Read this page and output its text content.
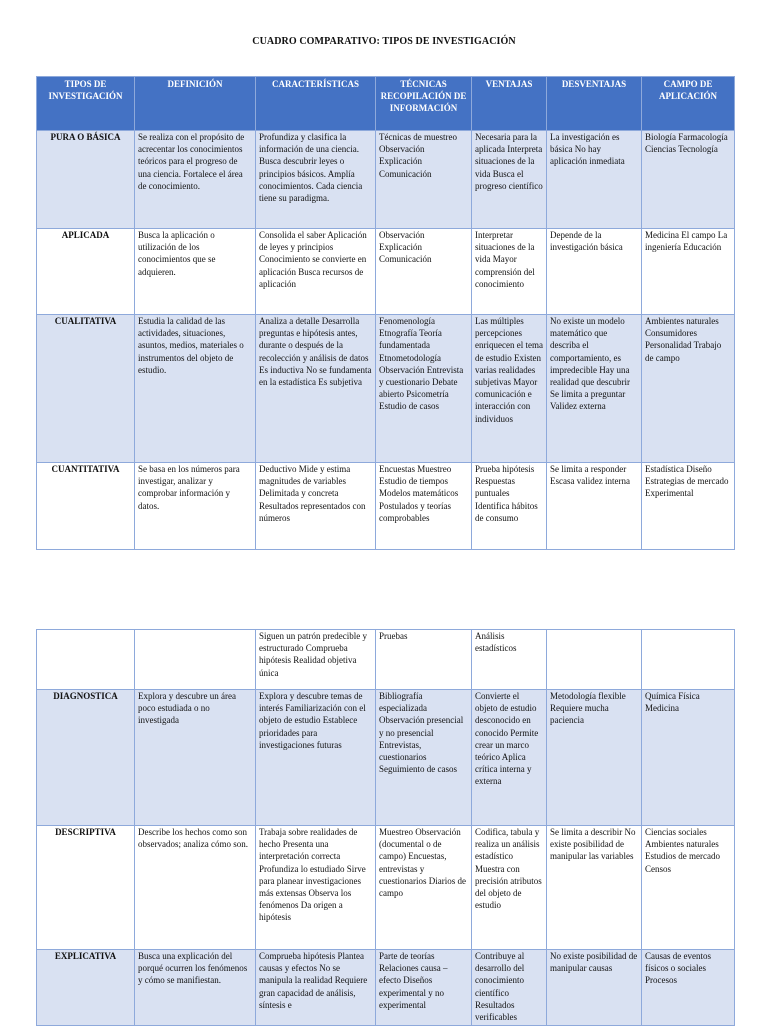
CUADRO COMPARATIVO: TIPOS DE INVESTIGACIÓN
TIPOS DE INVESTIGACIÓN	DEFINICIÓN	CARACTERÍSTICAS	TÉCNICAS RECOPILACIÓN DE INFORMACIÓN	VENTAJAS	DESVENTAJAS	CAMPO DE APLICACIÓN
PURA O BÁSICA	Se realiza con el propósito de acrecentar los conocimientos teóricos para el progreso de una ciencia. Fortalece el área de conocimiento.	Profundiza y clasifica la información de una ciencia. Busca descubrir leyes o principios básicos. Amplía conocimientos. Cada ciencia tiene su paradigma.	Técnicas de muestreo Observación Explicación Comunicación	Necesaria para la aplicada Interpreta situaciones de la vida Busca el progreso científico	La investigación es básica No hay aplicación inmediata	Biología Farmacología Ciencias Tecnología
APLICADA	Busca la aplicación o utilización de los conocimientos que se adquieren.	Consolida el saber Aplicación de leyes y principios Conocimiento se convierte en aplicación Busca recursos de aplicación	Observación Explicación Comunicación	Interpretar situaciones de la vida Mayor comprensión del conocimiento	Depende de la investigación básica	Medicina El campo La ingeniería Educación
CUALITATIVA	Estudia la calidad de las actividades, situaciones, asuntos, medios, materiales o instrumentos del objeto de estudio.	Analiza a detalle Desarrolla preguntas e hipótesis antes, durante o después de la recolección y análisis de datos Es inductiva No se fundamenta en la estadística Es subjetiva	Fenomenología Etnografía Teoría fundamentada Etnometodología Observación Entrevista y cuestionario Debate abierto Psicometría Estudio de casos	Las múltiples percepciones enriquecen el tema de estudio Existen varias realidades subjetivas Mayor comunicación e interacción con individuos	No existe un modelo matemático que describa el comportamiento, es impredecible Hay una realidad que descubrir Se limita a preguntar Validez externa	Ambientes naturales Consumidores Personalidad Trabajo de campo
CUANTITATIVA	Se basa en los números para investigar, analizar y comprobar información y datos.	Deductivo Mide y estima magnitudes de variables Delimitada y concreta Resultados representados con números	Encuestas Muestreo Estudio de tiempos Modelos matemáticos Postulados y teorías comprobables	Prueba hipótesis Respuestas puntuales Identifica hábitos de consumo	Se limita a responder Escasa validez interna	Estadística Diseño Estrategias de mercado Experimental
		Siguen un patrón predecible y estructurado Comprueba hipótesis Realidad objetiva única	Pruebas	Análisis estadísticos		
DIAGNOSTICA	Explora y descubre un área poco estudiada o no investigada	Explora y descubre temas de interés Familiarización con el objeto de estudio Establece prioridades para investigaciones futuras	Bibliografía especializada Observación presencial y no presencial Entrevistas, cuestionarios Seguimiento de casos	Convierte el objeto de estudio desconocido en conocido Permite crear un marco teórico Aplica crítica interna y externa	Metodología flexible Requiere mucha paciencia	Química Física Medicina
DESCRIPTIVA	Describe los hechos como son observados; analiza cómo son.	Trabaja sobre realidades de hecho Presenta una interpretación correcta Profundiza lo estudiado Sirve para planear investigaciones más extensas Observa los fenómenos Da origen a hipótesis	Muestreo Observación (documental o de campo) Encuestas, entrevistas y cuestionarios Diarios de campo	Codifica, tabula y realiza un análisis estadístico Muestra con precisión atributos del objeto de estudio	Se limita a describir No existe posibilidad de manipular las variables	Ciencias sociales Ambientes naturales Estudios de mercado Censos
EXPLICATIVA	Busca una explicación del porqué ocurren los fenómenos y cómo se manifiestan.	Comprueba hipótesis Plantea causas y efectos No se manipula la realidad Requiere gran capacidad de análisis, síntesis e	Parte de teorías Relaciones causa – efecto Diseños experimental y no experimental	Contribuye al desarrollo del conocimiento científico Resultados verificables	No existe posibilidad de manipular causas	Causas de eventos físicos o sociales Procesos
